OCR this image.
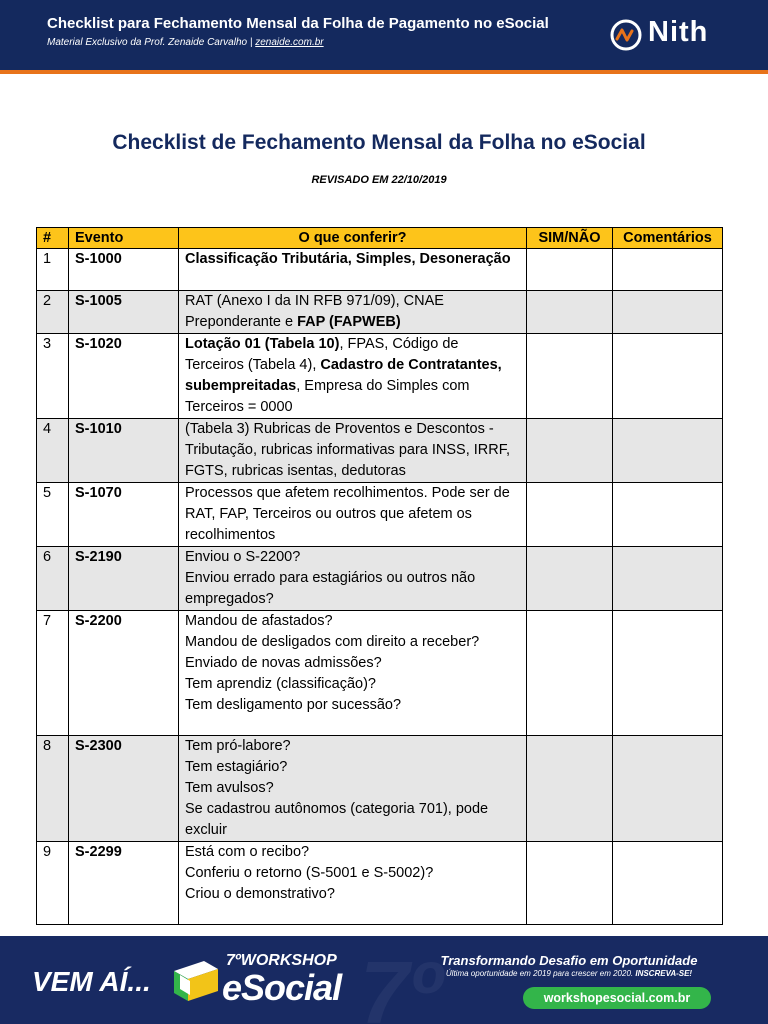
Checklist para Fechamento Mensal da Folha de Pagamento no eSocial
Material Exclusivo da Prof. Zenaide Carvalho | zenaide.com.br	Nith
Checklist de Fechamento Mensal da Folha no eSocial
REVISADO EM 22/10/2019
#	Evento	O que conferir?	SIM/NÃO	Comentários
1	S-1000	Classificação Tributária, Simples, Desoneração		
2	S-1005	RAT (Anexo I da IN RFB 971/09), CNAE Preponderante e FAP (FAPWEB)		
3	S-1020	Lotação 01 (Tabela 10), FPAS, Código de Terceiros (Tabela 4), Cadastro de Contratantes, subempreitadas, Empresa do Simples com Terceiros = 0000		
4	S-1010	(Tabela 3) Rubricas de Proventos e Descontos - Tributação, rubricas informativas para INSS, IRRF, FGTS, rubricas isentas, dedutoras		
5	S-1070	Processos que afetem recolhimentos. Pode ser de RAT, FAP, Terceiros ou outros que afetem os recolhimentos		
6	S-2190	Enviou o S-2200?
Enviou errado para estagiários ou outros não empregados?		
7	S-2200	Mandou de afastados?
Mandou de desligados com direito a receber?
Enviado de novas admissões?
Tem aprendiz (classificação)?
Tem desligamento por sucessão?		
8	S-2300	Tem pró-labore?
Tem estagiário?
Tem avulsos?
Se cadastrou autônomos (categoria 701), pode excluir		
9	S-2299	Está com o recibo?
Conferiu o retorno (S-5001 e S-5002)?
Criou o demonstrativo?		
7º
VEM AÍ...
7ºWORKSHOP
eSocial
Transformando Desafio em Oportunidade
Última oportunidade em 2019 para crescer em 2020. INSCREVA-SE!
workshopesocial.com.br
